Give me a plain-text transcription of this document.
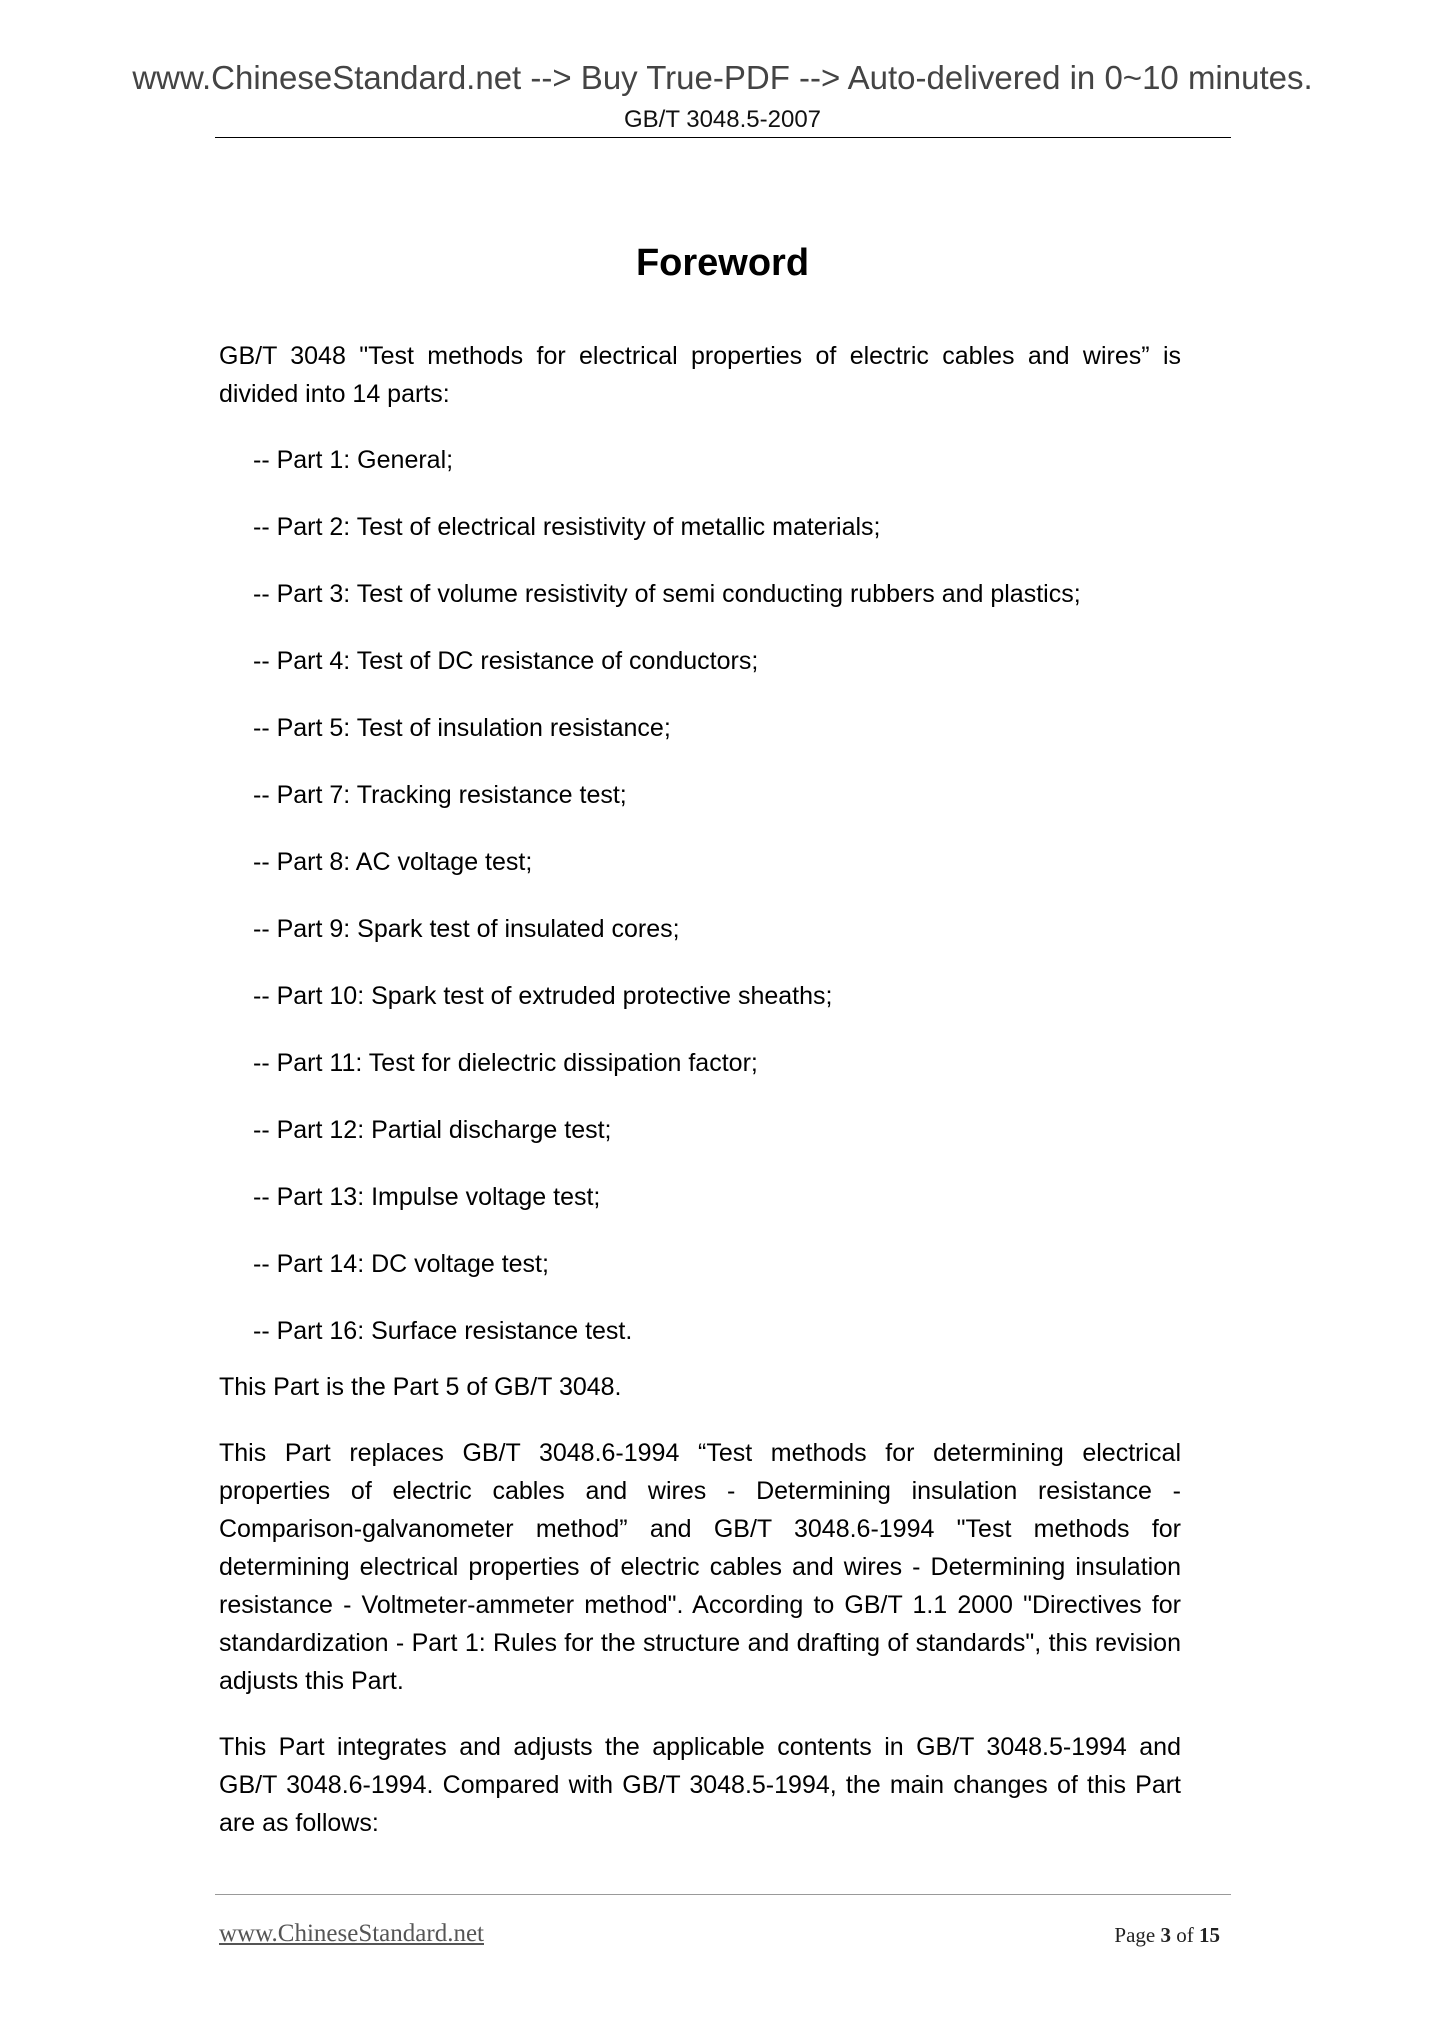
www.ChineseStandard.net --> Buy True-PDF --> Auto-delivered in 0~10 minutes.
GB/T 3048.5-2007
Foreword

GB/T 3048 "Test methods for electrical properties of electric cables and wires” is divided into 14 parts:

-- Part 1: General;
-- Part 2: Test of electrical resistivity of metallic materials;
-- Part 3: Test of volume resistivity of semi conducting rubbers and plastics;
-- Part 4: Test of DC resistance of conductors;
-- Part 5: Test of insulation resistance;
-- Part 7: Tracking resistance test;
-- Part 8: AC voltage test;
-- Part 9: Spark test of insulated cores;
-- Part 10: Spark test of extruded protective sheaths;
-- Part 11: Test for dielectric dissipation factor;
-- Part 12: Partial discharge test;
-- Part 13: Impulse voltage test;
-- Part 14: DC voltage test;
-- Part 16: Surface resistance test.

This Part is the Part 5 of GB/T 3048.

This Part replaces GB/T 3048.6-1994 “Test methods for determining electrical properties of electric cables and wires - Determining insulation resistance - Comparison-galvanometer method” and GB/T 3048.6-1994 "Test methods for determining electrical properties of electric cables and wires - Determining insulation resistance - Voltmeter-ammeter method". According to GB/T 1.1 2000 "Directives for standardization - Part 1: Rules for the structure and drafting of standards", this revision adjusts this Part.

This Part integrates and adjusts the applicable contents in GB/T 3048.5-1994 and GB/T 3048.6-1994. Compared with GB/T 3048.5-1994, the main changes of this Part are as follows:

www.ChineseStandard.net	Page 3 of 15
